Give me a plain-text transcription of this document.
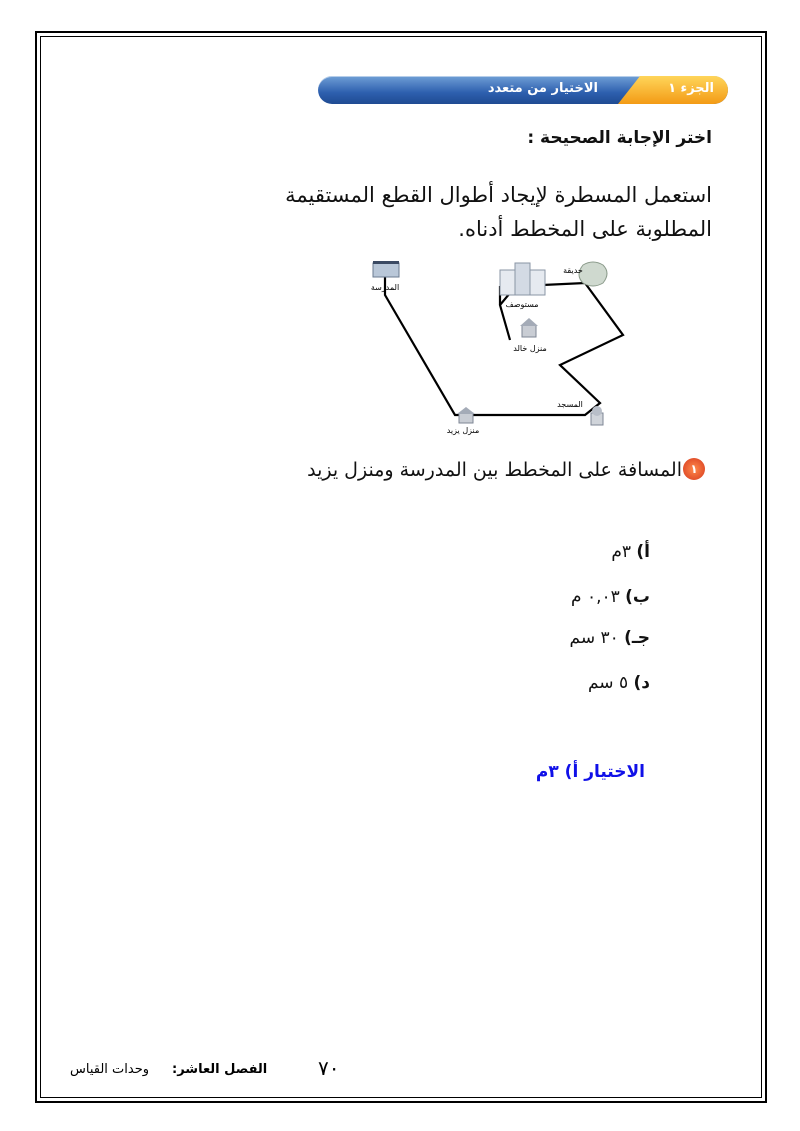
الجزء ١
الاختيار من متعدد
اختر الإجابة الصحيحة :
استعمل المسطرة لإيجاد أطوال القطع المستقيمة المطلوبة على المخطط أدناه.
المدرسة
مستوصف
حديقة
منزل خالد
المسجد
منزل يزيد
١
المسافة على المخطط بين المدرسة ومنزل يزيد
أ) ٣م
ب) ٠,٠٣ م
جـ) ٣٠ سم
د) ٥ سم
الاختيار أ) ٣م
٧٠
الفصل العاشر:
وحدات القياس
